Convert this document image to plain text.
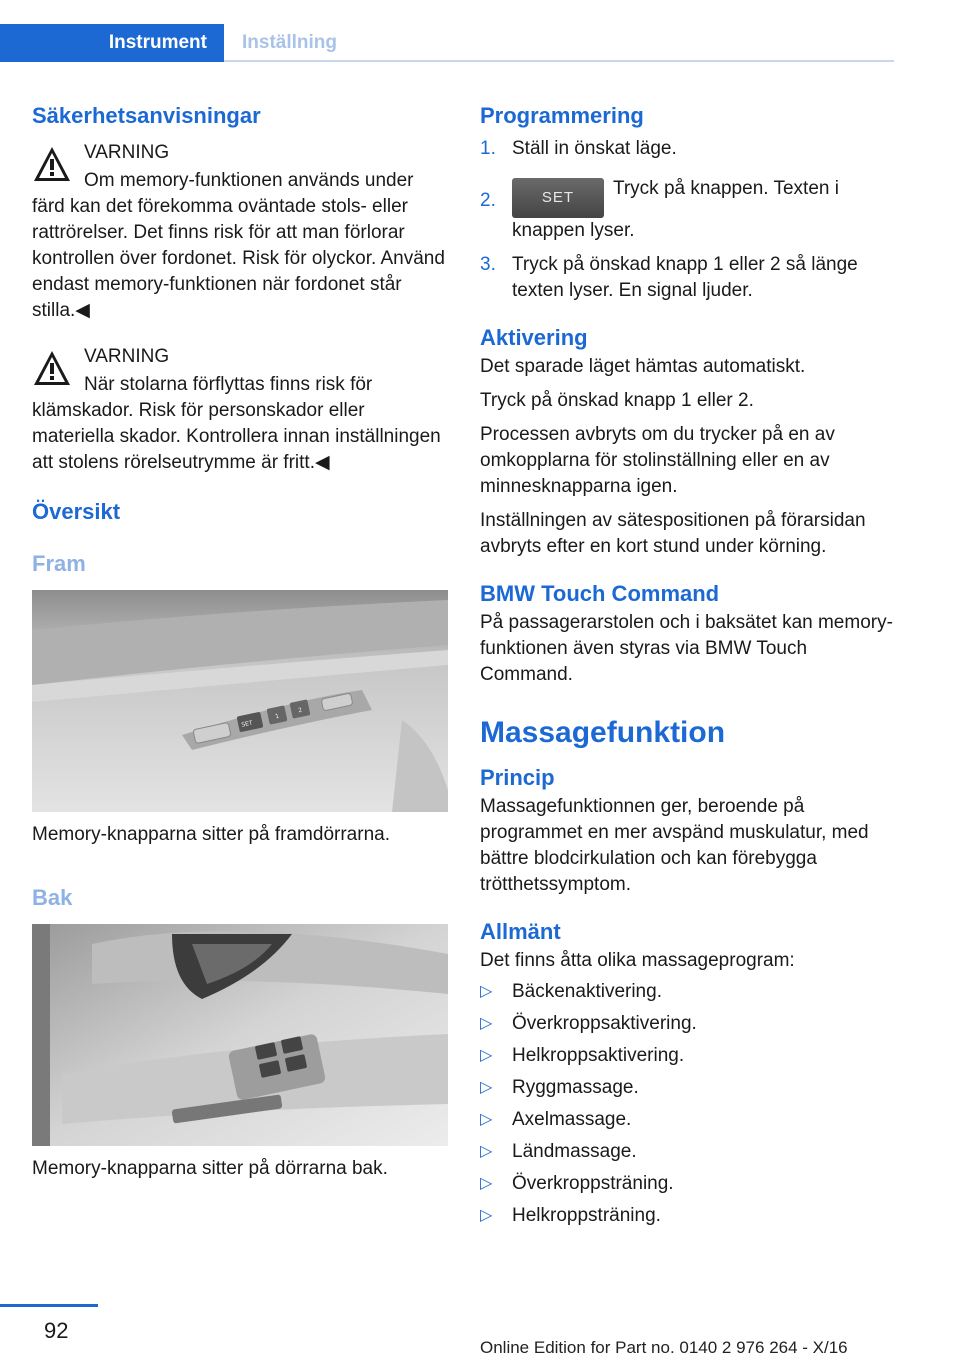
Instrument	Inställning
Säkerhetsanvisningar
VARNING

Om memory-funktionen används under färd kan det förekomma oväntade stols- eller rattrörelser. Det finns risk för att man förlorar kontrollen över fordonet. Risk för olyckor. Använd endast memory-funktionen när fordonet står stilla.◀

VARNING

När stolarna förflyttas finns risk för klämskador. Risk för personskador eller materiella skador. Kontrollera innan inställningen att stolens rörelseutrymme är fritt.◀

Översikt
Fram
SET
1
2

Memory-knapparna sitter på framdörrarna.

Bak

Memory-knapparna sitter på dörrarna bak.

Programmering
1. Ställ in önskat läge.
2.	SET Tryck på knappen. Texten i knappen lyser.
3. Tryck på önskad knapp 1 eller 2 så länge texten lyser. En signal ljuder.
Aktivering

Det sparade läget hämtas automatiskt.

Tryck på önskad knapp 1 eller 2.

Processen avbryts om du trycker på en av omkopplarna för stolinställning eller en av minnesknapparna igen.

Inställningen av sätespositionen på förarsidan avbryts efter en kort stund under körning.

BMW Touch Command

På passagerarstolen och i baksätet kan memory-funktionen även styras via BMW Touch Command.

Massagefunktion
Princip

Massagefunktionnen ger, beroende på programmet en mer avspänd muskulatur, med bättre blodcirkulation och kan förebygga trötthetssymptom.

Allmänt

Det finns åtta olika massageprogram:

▷ Bäckenaktivering.
▷ Överkroppsaktivering.
▷ Helkroppsaktivering.
▷ Ryggmassage.
▷ Axelmassage.
▷ Ländmassage.
▷ Överkroppsträning.
▷ Helkroppsträning.
92
Online Edition for Part no. 0140 2 976 264 - X/16
